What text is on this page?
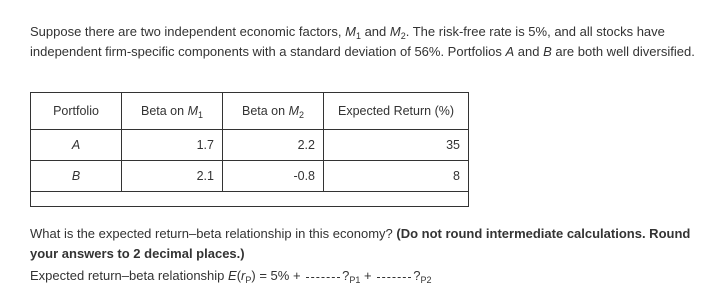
Suppose there are two independent economic factors, $M_1$ and $M_2$. The risk-free rate is 5%, and all stocks have independent firm-specific components with a standard deviation of 56%. Portfolios A and B are both well diversified.

Portfolio	Beta on $M_1$	Beta on $M_2$	Expected Return (%)
A	1.7	2.2	35
B	2.1	-0.8	8

What is the expected return–beta relationship in this economy? (Do not round intermediate calculations. Round your answers to 2 decimal places.)

Expected return–beta relationship $E(r_P) = 5\%$ +	$?_{P1}$ +	$?_{P2}$
